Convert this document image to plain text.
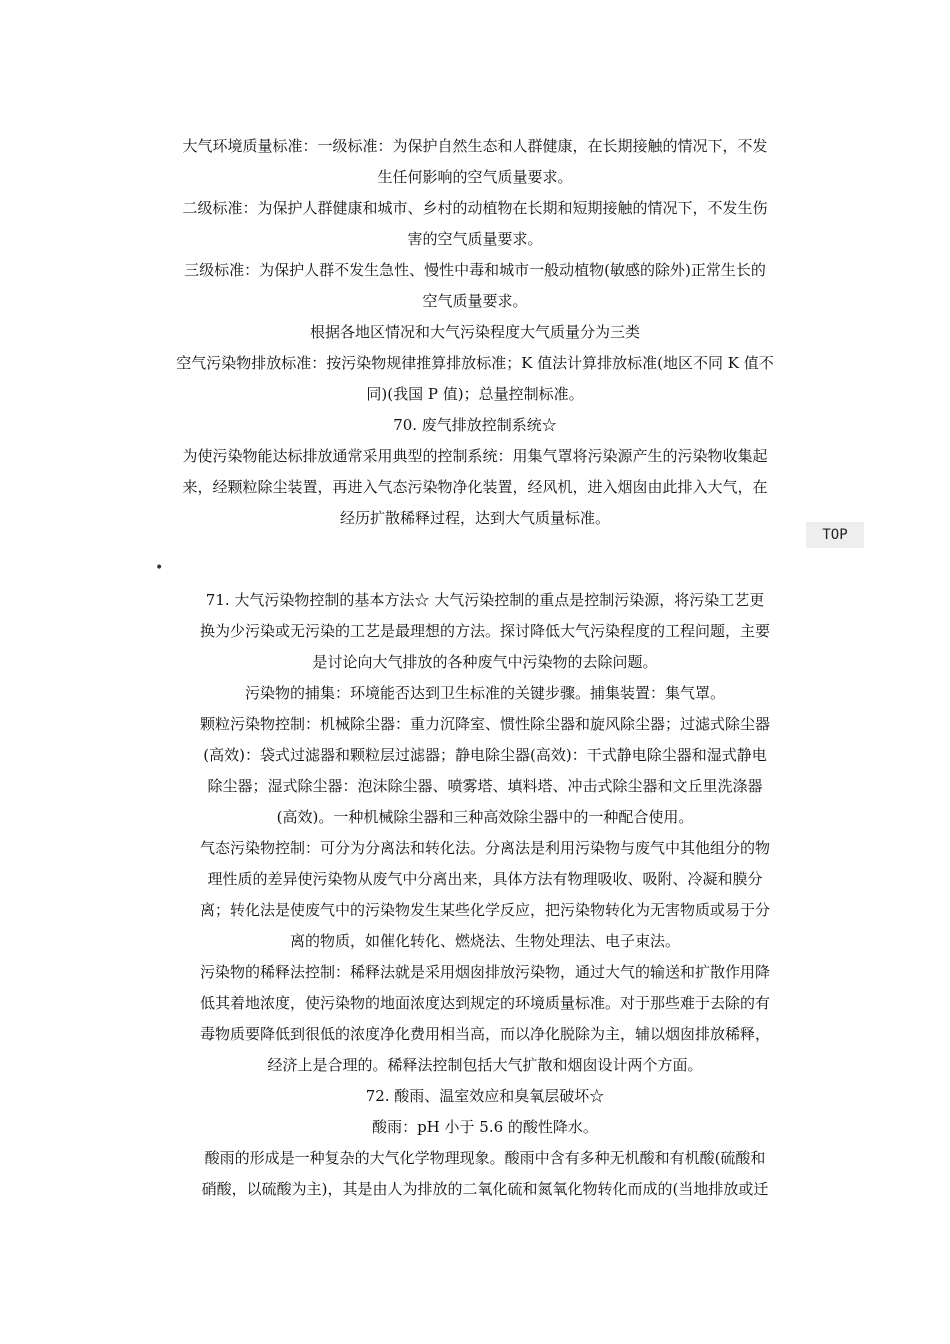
大气环境质量标准：一级标准：为保护自然生态和人群健康，在长期接触的情况下，不发
生任何影响的空气质量要求。
二级标准：为保护人群健康和城市、乡村的动植物在长期和短期接触的情况下，不发生伤
害的空气质量要求。
三级标准：为保护人群不发生急性、慢性中毒和城市一般动植物(敏感的除外)正常生长的
空气质量要求。
根据各地区情况和大气污染程度大气质量分为三类
空气污染物排放标准：按污染物规律推算排放标准；K 值法计算排放标准(地区不同 K 值不
同)(我国 P 值)；总量控制标准。
70. 废气排放控制系统☆
为使污染物能达标排放通常采用典型的控制系统：用集气罩将污染源产生的污染物收集起
来，经颗粒除尘装置，再进入气态污染物净化装置，经风机，进入烟囱由此排入大气，在
经历扩散稀释过程，达到大气质量标准。
TOP
•
71. 大气污染物控制的基本方法☆ 大气污染控制的重点是控制污染源，将污染工艺更
换为少污染或无污染的工艺是最理想的方法。探讨降低大气污染程度的工程问题，主要
是讨论向大气排放的各种废气中污染物的去除问题。
污染物的捕集：环境能否达到卫生标准的关键步骤。捕集装置：集气罩。
颗粒污染物控制：机械除尘器：重力沉降室、惯性除尘器和旋风除尘器；过滤式除尘器
(高效)：袋式过滤器和颗粒层过滤器；静电除尘器(高效)：干式静电除尘器和湿式静电
除尘器；湿式除尘器：泡沫除尘器、喷雾塔、填料塔、冲击式除尘器和文丘里洗涤器
(高效)。一种机械除尘器和三种高效除尘器中的一种配合使用。
气态污染物控制：可分为分离法和转化法。分离法是利用污染物与废气中其他组分的物
理性质的差异使污染物从废气中分离出来，具体方法有物理吸收、吸附、冷凝和膜分
离；转化法是使废气中的污染物发生某些化学反应，把污染物转化为无害物质或易于分
离的物质，如催化转化、燃烧法、生物处理法、电子束法。
污染物的稀释法控制：稀释法就是采用烟囱排放污染物，通过大气的输送和扩散作用降
低其着地浓度，使污染物的地面浓度达到规定的环境质量标准。对于那些难于去除的有
毒物质要降低到很低的浓度净化费用相当高，而以净化脱除为主，辅以烟囱排放稀释，
经济上是合理的。稀释法控制包括大气扩散和烟囱设计两个方面。
72. 酸雨、温室效应和臭氧层破坏☆
酸雨：pH 小于 5.6 的酸性降水。
酸雨的形成是一种复杂的大气化学物理现象。酸雨中含有多种无机酸和有机酸(硫酸和
硝酸，以硫酸为主)，其是由人为排放的二氧化硫和氮氧化物转化而成的(当地排放或迁
